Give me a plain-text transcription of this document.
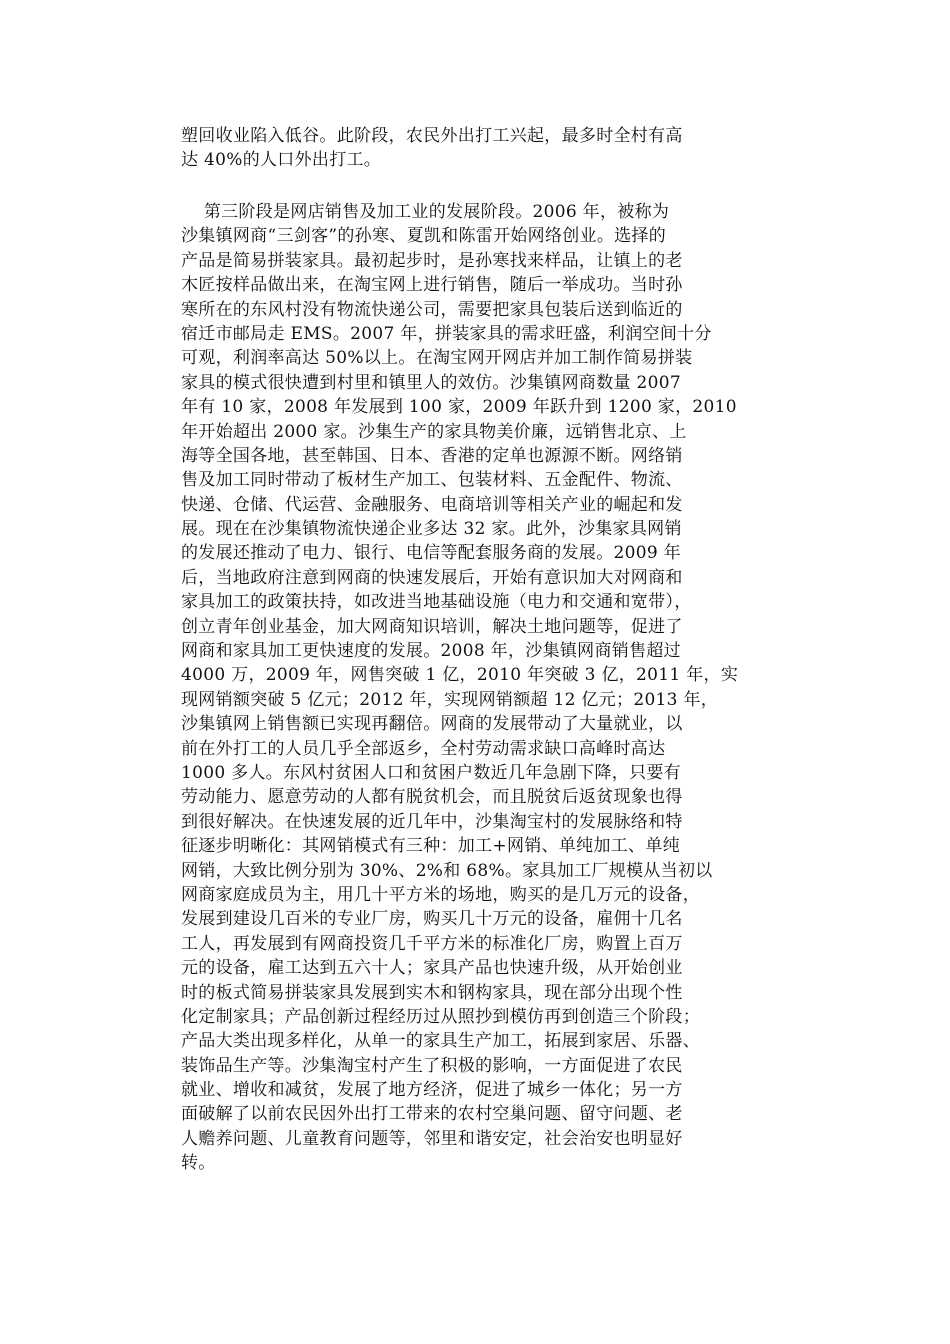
塑回收业陷入低谷。此阶段，农民外出打工兴起，最多时全村有高
达 40%的人口外出打工。
第三阶段是网店销售及加工业的发展阶段。2006 年，被称为
沙集镇网商“三剑客”的孙寒、夏凯和陈雷开始网络创业。选择的
产品是简易拼装家具。最初起步时，是孙寒找来样品，让镇上的老
木匠按样品做出来，在淘宝网上进行销售，随后一举成功。当时孙
寒所在的东风村没有物流快递公司，需要把家具包装后送到临近的
宿迁市邮局走 EMS。2007 年，拼装家具的需求旺盛，利润空间十分
可观，利润率高达 50%以上。在淘宝网开网店并加工制作简易拼装
家具的模式很快遭到村里和镇里人的效仿。沙集镇网商数量 2007
年有 10 家，2008 年发展到 100 家，2009 年跃升到 1200 家，2010
年开始超出 2000 家。沙集生产的家具物美价廉，远销售北京、上
海等全国各地，甚至韩国、日本、香港的定单也源源不断。网络销
售及加工同时带动了板材生产加工、包装材料、五金配件、物流、
快递、仓储、代运营、金融服务、电商培训等相关产业的崛起和发
展。现在在沙集镇物流快递企业多达 32 家。此外，沙集家具网销
的发展还推动了电力、银行、电信等配套服务商的发展。2009 年
后，当地政府注意到网商的快速发展后，开始有意识加大对网商和
家具加工的政策扶持，如改进当地基础设施（电力和交通和宽带），
创立青年创业基金，加大网商知识培训，解决土地问题等，促进了
网商和家具加工更快速度的发展。2008 年，沙集镇网商销售超过
4000 万，2009 年，网售突破 1 亿，2010 年突破 3 亿，2011 年，实
现网销额突破 5 亿元；2012 年，实现网销额超 12 亿元；2013 年，
沙集镇网上销售额已实现再翻倍。网商的发展带动了大量就业，以
前在外打工的人员几乎全部返乡，全村劳动需求缺口高峰时高达
1000 多人。东风村贫困人口和贫困户数近几年急剧下降，只要有
劳动能力、愿意劳动的人都有脱贫机会，而且脱贫后返贫现象也得
到很好解决。在快速发展的近几年中，沙集淘宝村的发展脉络和特
征逐步明晰化：其网销模式有三种：加工+网销、单纯加工、单纯
网销，大致比例分别为 30%、2%和 68%。家具加工厂规模从当初以
网商家庭成员为主，用几十平方米的场地，购买的是几万元的设备，
发展到建设几百米的专业厂房，购买几十万元的设备，雇佣十几名
工人，再发展到有网商投资几千平方米的标准化厂房，购置上百万
元的设备，雇工达到五六十人；家具产品也快速升级，从开始创业
时的板式简易拼装家具发展到实木和钢构家具，现在部分出现个性
化定制家具；产品创新过程经历过从照抄到模仿再到创造三个阶段；
产品大类出现多样化，从单一的家具生产加工，拓展到家居、乐器、
装饰品生产等。沙集淘宝村产生了积极的影响，一方面促进了农民
就业、增收和减贫，发展了地方经济，促进了城乡一体化；另一方
面破解了以前农民因外出打工带来的农村空巢问题、留守问题、老
人赡养问题、儿童教育问题等，邻里和谐安定，社会治安也明显好
转。
